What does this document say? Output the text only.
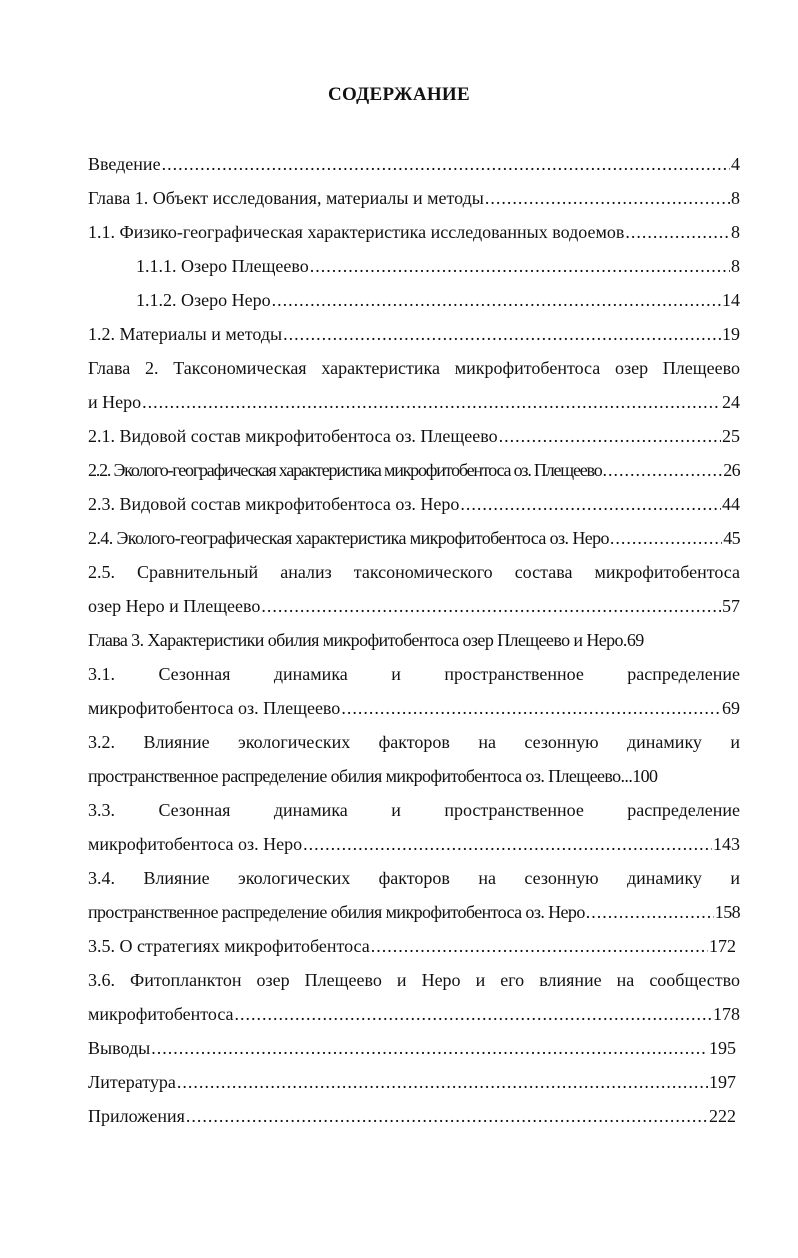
СОДЕРЖАНИЕ
Введение .....	4
Глава 1. Объект исследования, материалы и методы .....	8
1.1. Физико-географическая характеристика исследованных водоемов .....	8
1.1.1. Озеро Плещеево .....	8
1.1.2. Озеро Неро .....	14
1.2. Материалы и методы .....	19
Глава 2. Таксономическая характеристика микрофитобентоса озер Плещеево
и Неро .....	24
2.1. Видовой состав микрофитобентоса оз. Плещеево .....	25
2.2. Эколого-географическая характеристика микрофитобентоса оз. Плещеево .....	26
2.3. Видовой состав микрофитобентоса оз. Неро .....	44
2.4. Эколого-географическая характеристика микрофитобентоса оз. Неро .....	45
2.5. Сравнительный анализ таксономического состава микрофитобентоса
озер Неро и Плещеево .....	57
Глава 3. Характеристики обилия микрофитобентоса озер Плещеево и Неро. 69
3.1. Сезонная динамика и пространственное распределение
микрофитобентоса оз. Плещеево .....	69
3.2. Влияние экологических факторов на сезонную динамику и
пространственное распределение обилия микрофитобентоса оз. Плещеево... 100
3.3. Сезонная динамика и пространственное распределение
микрофитобентоса оз. Неро .....	143
3.4. Влияние экологических факторов на сезонную динамику и
пространственное распределение обилия микрофитобентоса оз. Неро .....	158
3.5. О стратегиях микрофитобентоса .....	172
3.6. Фитопланктон озер Плещеево и Неро и его влияние на сообщество
микрофитобентоса .....	178
Выводы .....	195
Литература .....	197
Приложения .....	222
